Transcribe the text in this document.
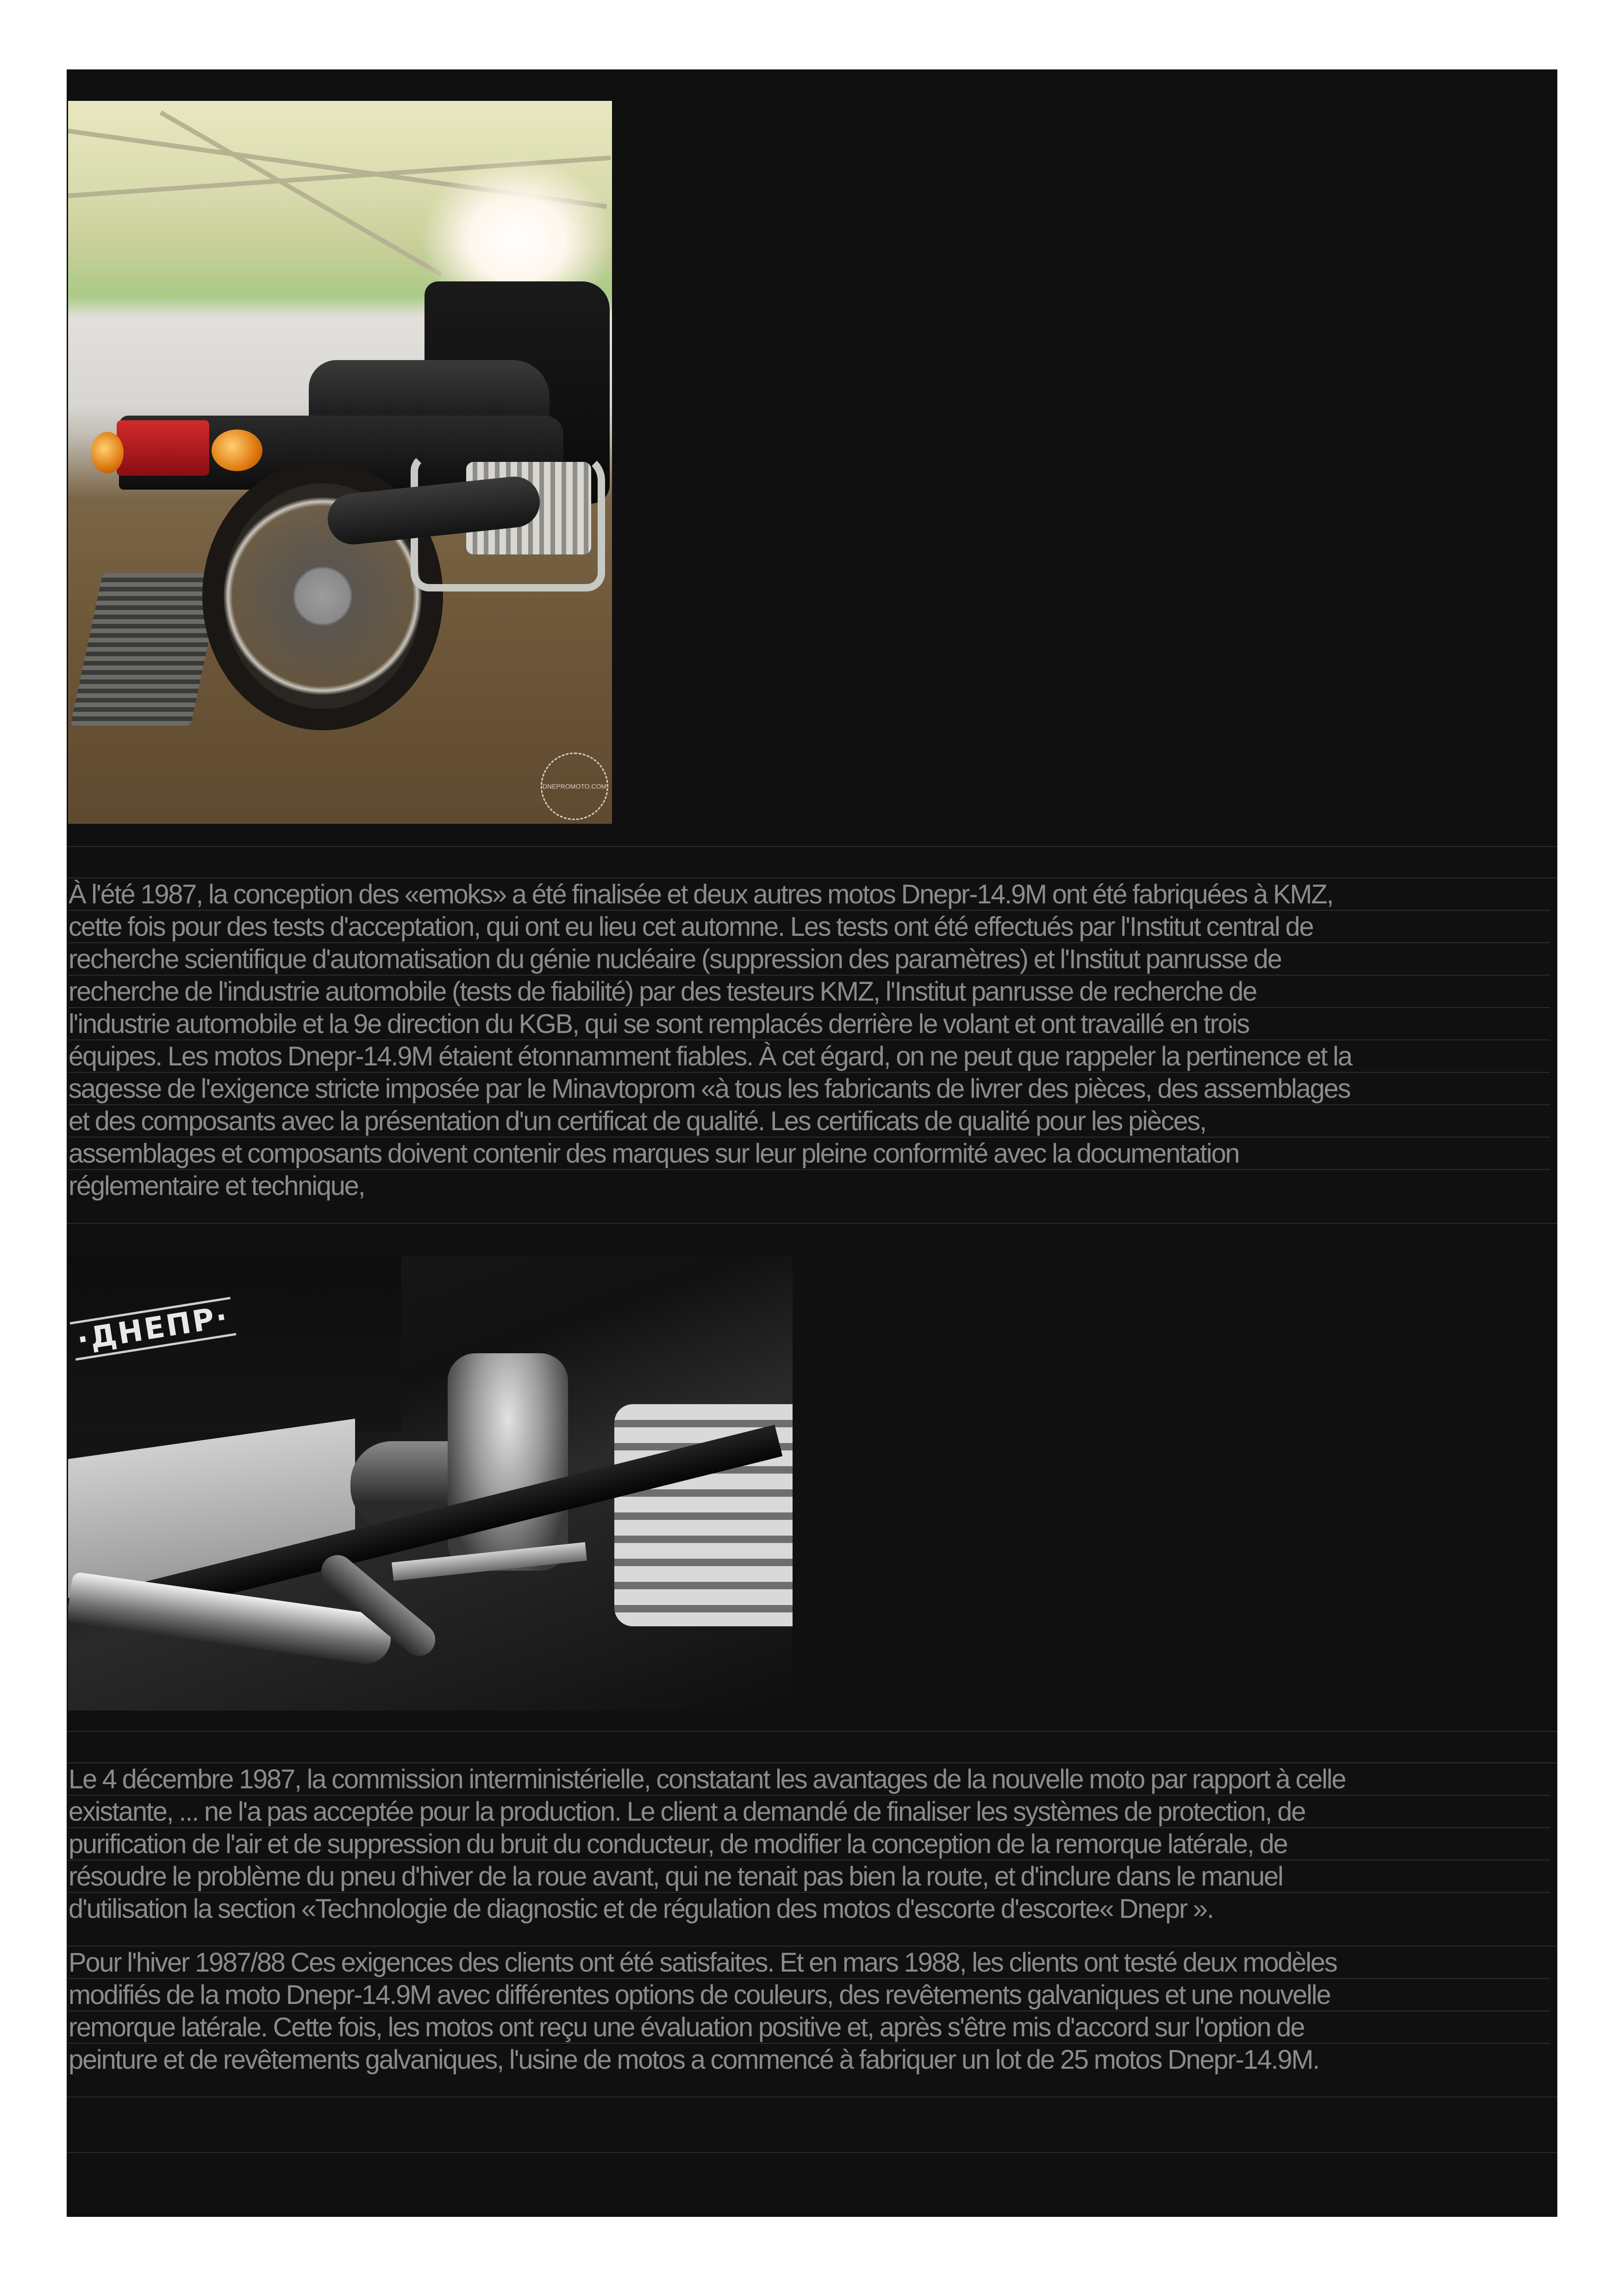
DNEPROMOTO.COM
À l'été 1987, la conception des «emoks» a été finalisée et deux autres motos Dnepr-14.9M ont été fabriquées à KMZ,
cette fois pour des tests d'acceptation, qui ont eu lieu cet automne. Les tests ont été effectués par l'Institut central de
recherche scientifique d'automatisation du génie nucléaire (suppression des paramètres) et l'Institut panrusse de
recherche de l'industrie automobile (tests de fiabilité) par des testeurs KMZ, l'Institut panrusse de recherche de
l'industrie automobile et la 9e direction du KGB, qui se sont remplacés derrière le volant et ont travaillé en trois
équipes. Les motos Dnepr-14.9M étaient étonnamment fiables. À cet égard, on ne peut que rappeler la pertinence et la
sagesse de l'exigence stricte imposée par le Minavtoprom «à tous les fabricants de livrer des pièces, des assemblages
et des composants avec la présentation d'un certificat de qualité. Les certificats de qualité pour les pièces,
assemblages et composants doivent contenir des marques sur leur pleine conformité avec la documentation
réglementaire et technique,
·ДНЕПР·
Le 4 décembre 1987, la commission interministérielle, constatant les avantages de la nouvelle moto par rapport à celle
existante, ... ne l'a pas acceptée pour la production. Le client a demandé de finaliser les systèmes de protection, de
purification de l'air et de suppression du bruit du conducteur, de modifier la conception de la remorque latérale, de
résoudre le problème du pneu d'hiver de la roue avant, qui ne tenait pas bien la route, et d'inclure dans le manuel
d'utilisation la section «Technologie de diagnostic et de régulation des motos d'escorte d'escorte« Dnepr ».
Pour l'hiver 1987/88 Ces exigences des clients ont été satisfaites. Et en mars 1988, les clients ont testé deux modèles
modifiés de la moto Dnepr-14.9M avec différentes options de couleurs, des revêtements galvaniques et une nouvelle
remorque latérale. Cette fois, les motos ont reçu une évaluation positive et, après s'être mis d'accord sur l'option de
peinture et de revêtements galvaniques, l'usine de motos a commencé à fabriquer un lot de 25 motos Dnepr-14.9M.
